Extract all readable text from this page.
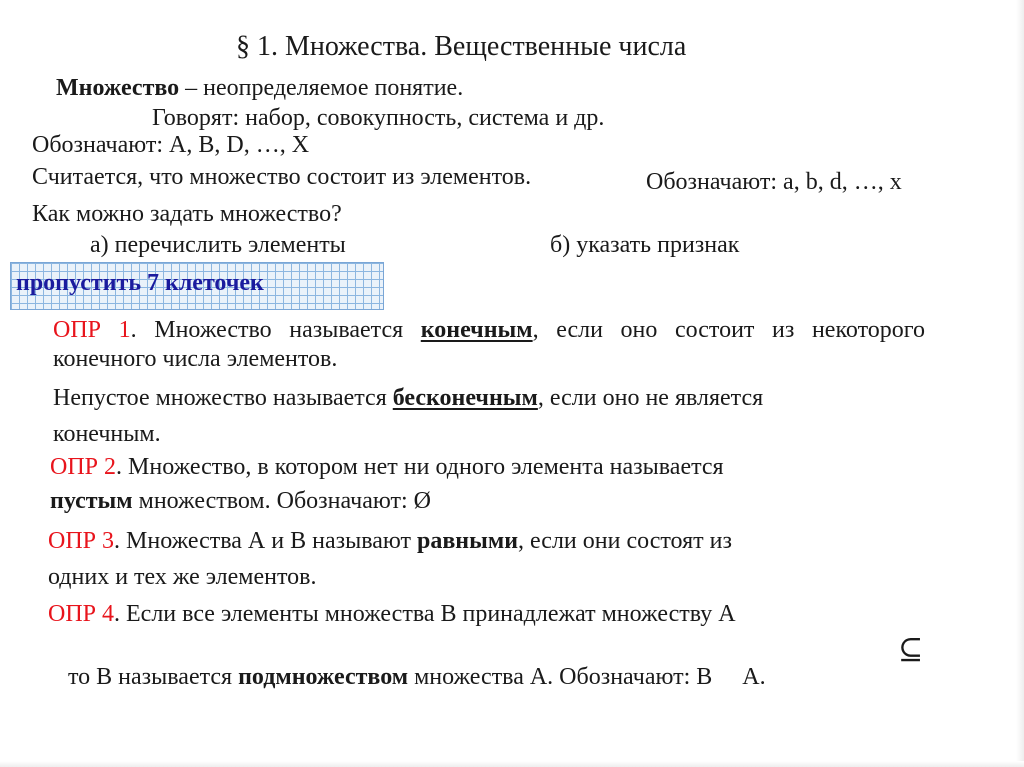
§ 1. Множества. Вещественные числа
Множество – неопределяемое понятие.
Говорят: набор, совокупность, система и др.
Обозначают: А, В, D, …, X
Считается, что множество состоит из элементов.	Обозначают: a, b, d, …, x
Как можно задать множество?
а) перечислить элементы	б) указать признак
пропустить 7 клеточек
ОПР 1. Множество называется конечным, если оно состоит из некоторого конечного числа элементов.
Непустое множество называется бесконечным, если оно не является
конечным.
ОПР 2. Множество, в котором нет ни одного элемента называется
пустым множеством. Обозначают: Ø
ОПР 3. Множества А и В называют равными, если они состоят из
одних и тех же элементов.
ОПР 4. Если все элементы множества В принадлежат множеству А

то В называется подмножеством множества А. Обозначают: В     А.

⊆
